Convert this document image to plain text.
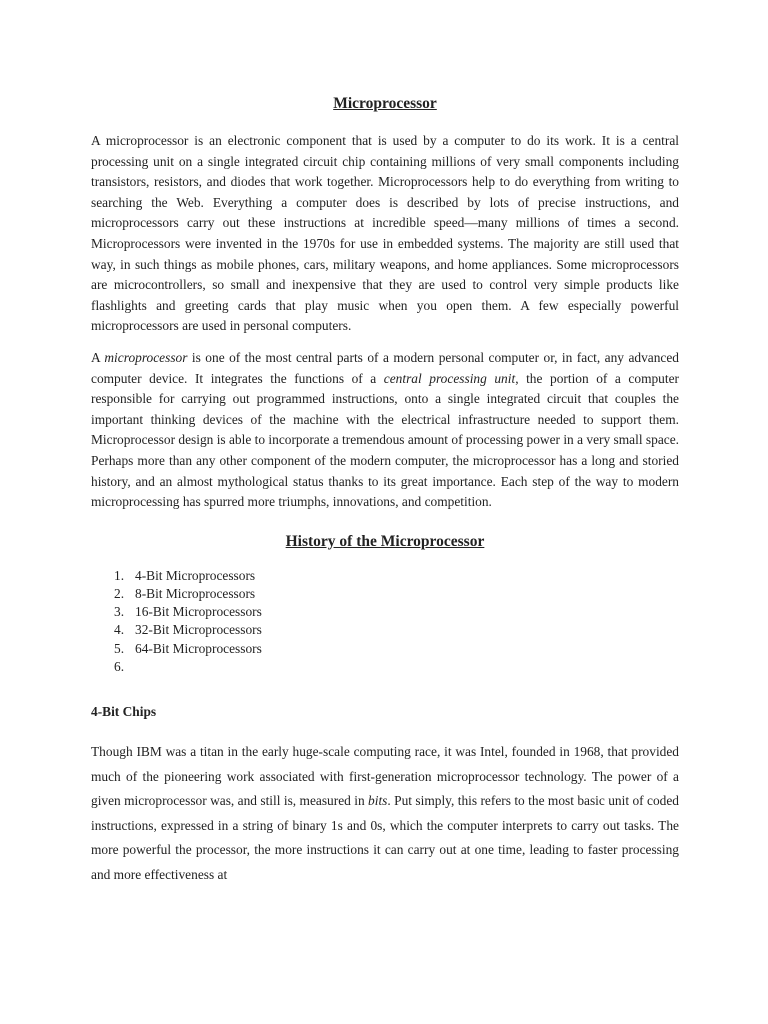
Microprocessor

A microprocessor is an electronic component that is used by a computer to do its work. It is a central processing unit on a single integrated circuit chip containing millions of very small components including transistors, resistors, and diodes that work together. Microprocessors help to do everything from writing to searching the Web. Everything a computer does is described by lots of precise instructions, and microprocessors carry out these instructions at incredible speed—many millions of times a second. Microprocessors were invented in the 1970s for use in embedded systems. The majority are still used that way, in such things as mobile phones, cars, military weapons, and home appliances. Some microprocessors are microcontrollers, so small and inexpensive that they are used to control very simple products like flashlights and greeting cards that play music when you open them. A few especially powerful microprocessors are used in personal computers.

A microprocessor is one of the most central parts of a modern personal computer or, in fact, any advanced computer device. It integrates the functions of a central processing unit, the portion of a computer responsible for carrying out programmed instructions, onto a single integrated circuit that couples the important thinking devices of the machine with the electrical infrastructure needed to support them. Microprocessor design is able to incorporate a tremendous amount of processing power in a very small space. Perhaps more than any other component of the modern computer, the microprocessor has a long and storied history, and an almost mythological status thanks to its great importance. Each step of the way to modern microprocessing has spurred more triumphs, innovations, and competition.

History of the Microprocessor
1. 4-Bit Microprocessors
2. 8-Bit Microprocessors
3. 16-Bit Microprocessors
4. 32-Bit Microprocessors
5. 64-Bit Microprocessors
6.
4-Bit Chips

Though IBM was a titan in the early huge-scale computing race, it was Intel, founded in 1968, that provided much of the pioneering work associated with first-generation microprocessor technology. The power of a given microprocessor was, and still is, measured in bits. Put simply, this refers to the most basic unit of coded instructions, expressed in a string of binary 1s and 0s, which the computer interprets to carry out tasks. The more powerful the processor, the more instructions it can carry out at one time, leading to faster processing and more effectiveness at
